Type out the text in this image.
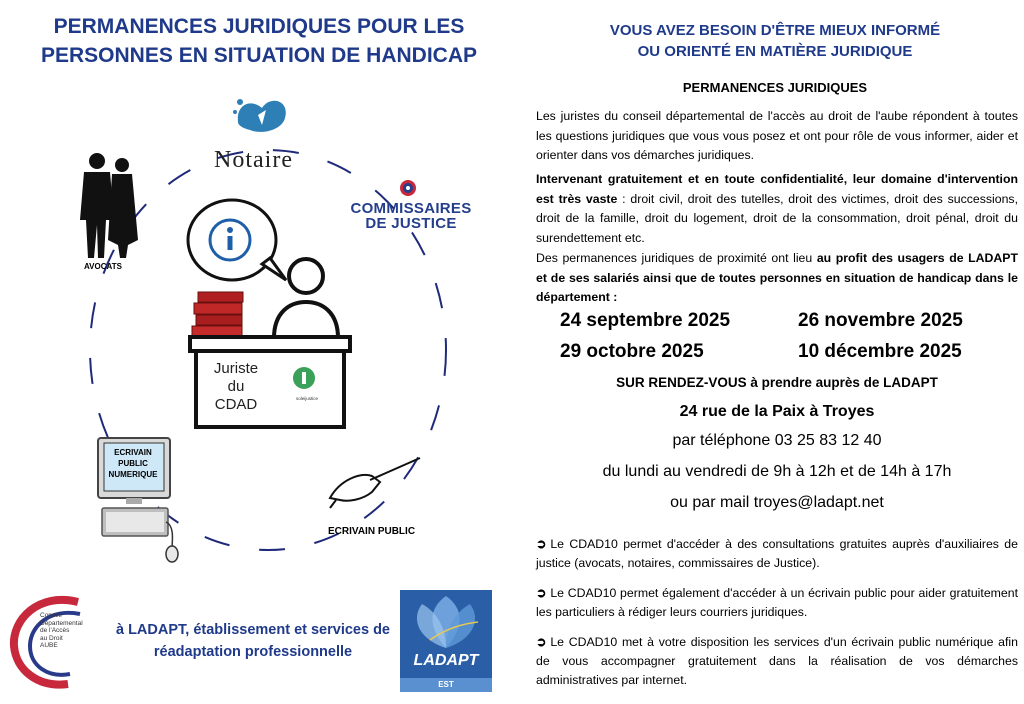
PERMANENCES JURIDIQUES POUR LES
PERSONNES EN SITUATION DE HANDICAP
Notaire
COMMISSAIRES
DE JUSTICE
AVOCATS
ECRIVAIN PUBLIC
ECRIVAIN
PUBLIC
NUMERIQUE
Juriste
du
CDAD	soleijustice
Conseil
Départemental
de l'Accès
au Droit
AUBE
à LADAPT, établissement et services de
réadaptation professionnelle	LADAPT
EST
VOUS AVEZ BESOIN D'ÊTRE MIEUX INFORMÉ
OU ORIENTÉ EN MATIÈRE JURIDIQUE
PERMANENCES JURIDIQUES
Les juristes du conseil départemental de l'accès au droit de l'aube répondent à toutes les questions juridiques que vous vous posez et ont pour rôle de vous informer, aider et orienter dans vos démarches juridiques.
Intervenant gratuitement et en toute confidentialité, leur domaine d'intervention est très vaste : droit civil, droit des tutelles, droit des victimes, droit des successions, droit de la famille, droit du logement, droit de la consommation, droit pénal, droit du surendettement etc.
Des permanences juridiques de proximité ont lieu au profit des usagers de LADAPT et de ses salariés ainsi que de toutes personnes en situation de handicap dans le département :
24 septembre 2025	26 novembre 2025
29 octobre 2025	10 décembre 2025
SUR RENDEZ-VOUS à prendre auprès de LADAPT
24 rue de la Paix à Troyes
par téléphone 03 25 83 12 40
du lundi au vendredi de 9h à 12h et de 14h à 17h
ou par mail troyes@ladapt.net
➲ Le CDAD10 permet d'accéder à des consultations gratuites auprès d'auxiliaires de justice (avocats, notaires, commissaires de Justice).
➲ Le CDAD10 permet également d'accéder à un écrivain public pour aider gratuitement les particuliers à rédiger leurs courriers juridiques.
➲ Le CDAD10 met à votre disposition les services d'un écrivain public numérique afin de vous accompagner gratuitement dans la réalisation de vos démarches administratives par internet.
